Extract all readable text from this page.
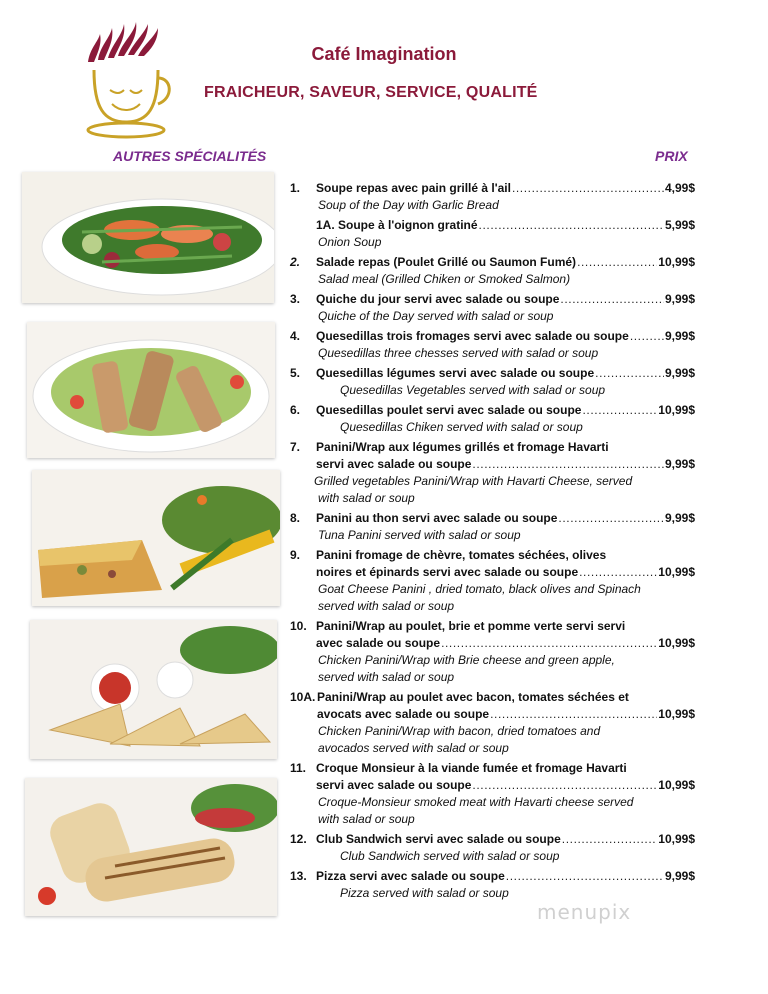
Café Imagination
FRAICHEUR, SAVEUR, SERVICE, QUALITÉ
AUTRES SPÉCIALITÉS	PRIX
1.	Soupe repas avec pain grillé à l'ail .....	4,99$
Soup of the Day with Garlic Bread
1A. Soupe à l'oignon gratiné .....	5,99$
Onion Soup
2.	Salade repas (Poulet Grillé ou Saumon Fumé) .....	10,99$
Salad meal (Grilled Chiken or Smoked Salmon)
3.	Quiche du jour servi avec salade ou soupe .....	9,99$
Quiche of the Day served with salad or soup
4.	Quesedillas trois fromages servi avec salade ou soupe .....	9,99$
Quesedillas three chesses served with salad or soup
5.	Quesedillas légumes servi avec salade ou soupe .....	9,99$
Quesedillas Vegetables served with salad or soup
6.	Quesedillas poulet servi avec salade ou soupe .....	10,99$
Quesedillas Chiken served with salad or soup
7.	Panini/Wrap aux légumes grillés et fromage Havarti
servi avec salade ou soupe .....	9,99$
Grilled vegetables Panini/Wrap with Havarti Cheese, served
with salad or soup
8.	Panini au thon servi avec salade ou soupe .....	9,99$
Tuna Panini served with salad or soup
9.	Panini fromage de chèvre, tomates séchées, olives
noires et épinards servi avec salade ou soupe .....	10,99$
Goat Cheese Panini , dried tomato, black olives and Spinach
served with salad or soup
10. Panini/Wrap au poulet, brie et pomme verte servi servi
avec salade ou soupe .....	10,99$
Chicken Panini/Wrap with Brie cheese and green apple,
served with salad or soup
10A. Panini/Wrap au poulet avec bacon, tomates séchées et
avocats avec salade ou soupe .....	10,99$
Chicken Panini/Wrap with bacon, dried tomatoes and
avocados served with salad or soup
11. Croque Monsieur à la viande fumée et fromage Havarti
servi avec salade ou soupe .....	10,99$
Croque-Monsieur smoked meat with Havarti cheese served
with salad or soup
12. Club Sandwich servi avec salade ou soupe .....	10,99$
Club Sandwich served with salad or soup
13. Pizza servi avec salade ou soupe .....	9,99$
Pizza served with salad or soup
menupix
